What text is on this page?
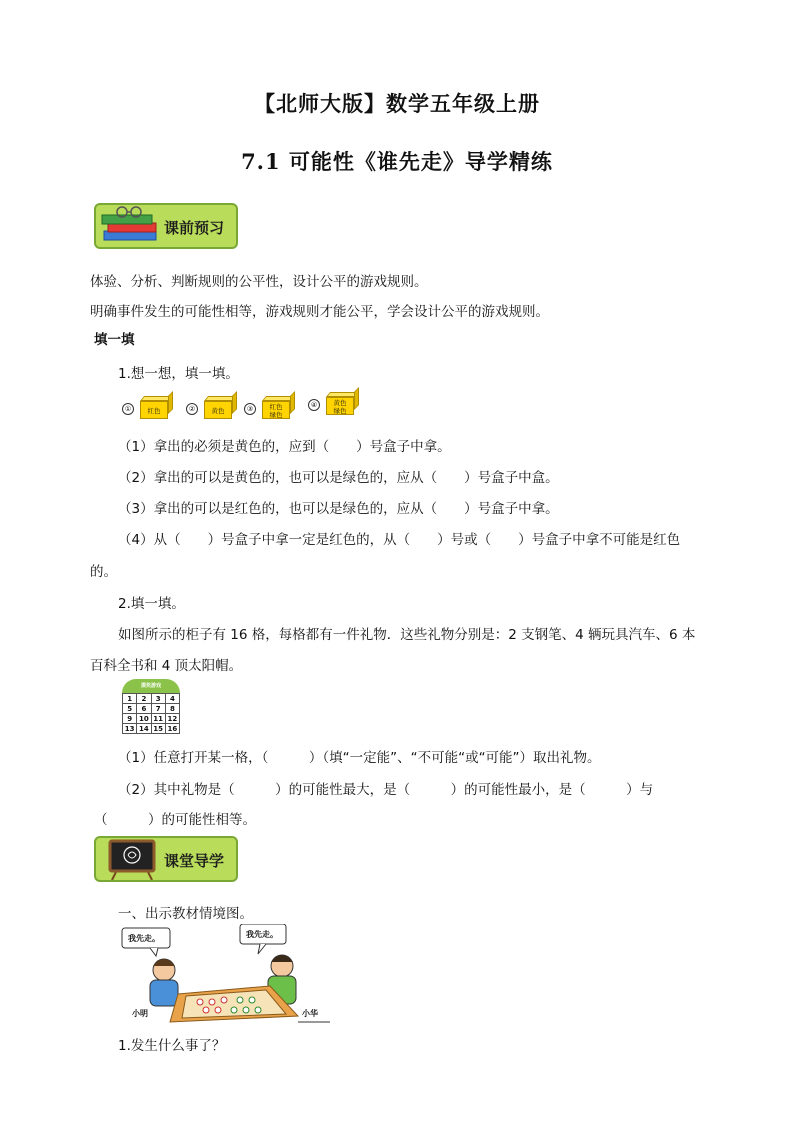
【北师大版】数学五年级上册
7.1 可能性《谁先走》导学精练
课前预习
体验、分析、判断规则的公平性，设计公平的游戏规则。
明确事件发生的可能性相等，游戏规则才能公平，学会设计公平的游戏规则。
填一填
1.想一想，填一填。
①	红色	②	黄色	③	红色
绿色
④	黄色
绿色
（1）拿出的必须是黄色的，应到（　　）号盒子中拿。
（2）拿出的可以是黄色的，也可以是绿色的，应从（　　）号盒子中盒。
（3）拿出的可以是红色的，也可以是绿色的，应从（　　）号盒子中拿。
（4）从（　　）号盒子中拿一定是红色的，从（　　）号或（　　）号盒子中拿不可能是红色
的。
2.填一填。
如图所示的柜子有 16 格，每格都有一件礼物．这些礼物分别是：2 支钢笔、4 辆玩具汽车、6 本
百科全书和 4 顶太阳帽。
摸奖游戏
1	2	3	4
5	6	7	8
9	10	11	12
13	14	15	16
（1）任意打开某一格，（　　　）（填“一定能”、“不可能“或“可能”）取出礼物。
（2）其中礼物是（　　　）的可能性最大，是（　　　）的可能性最小，是（　　　）与
（　　　）的可能性相等。
课堂导学
一、出示教材情境图。
我先走。	我先走。
小明	小华
1.发生什么事了？
